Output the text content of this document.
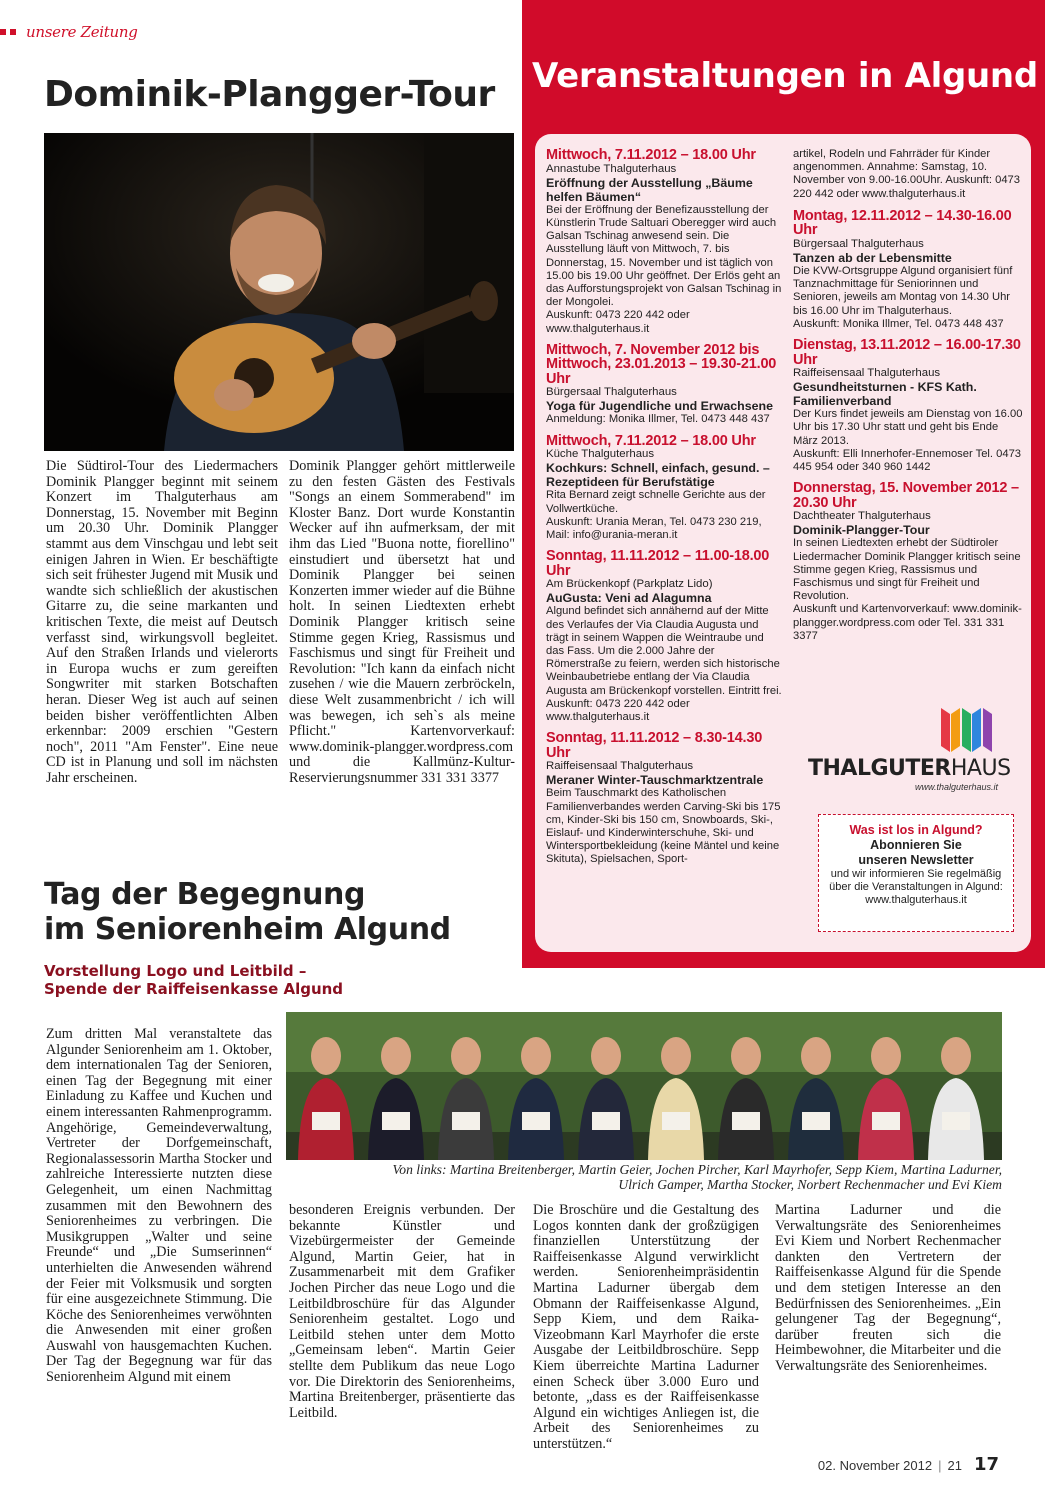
unsere Zeitung
Dominik-Plangger-Tour
Die Südtirol-Tour des Liedermachers Dominik Plangger beginnt mit seinem Konzert im Thalguterhaus am Donnerstag, 15. November mit Beginn um 20.30 Uhr. Dominik Plangger stammt aus dem Vinschgau und lebt seit einigen Jahren in Wien. Er beschäftigte sich seit frühester Jugend mit Musik und wandte sich schließlich der akustischen Gitarre zu, die seine markanten und kritischen Texte, die meist auf Deutsch verfasst sind, wirkungsvoll begleitet. Auf den Straßen Irlands und vielerorts in Europa wuchs er zum gereiften Songwriter mit starken Botschaften heran. Dieser Weg ist auch auf seinen beiden bisher veröffentlichten Alben erkennbar: 2009 erschien "Gestern noch", 2011 "Am Fenster". Eine neue CD ist in Planung und soll im nächsten Jahr erscheinen.
Dominik Plangger gehört mittlerweile zu den festen Gästen des Festivals "Songs an einem Sommerabend" im Kloster Banz. Dort wurde Konstantin Wecker auf ihn aufmerksam, der mit ihm das Lied "Buona notte, fiorellino" einstudiert und übersetzt hat und Dominik Plangger bei seinen Konzerten immer wieder auf die Bühne holt. In seinen Liedtexten erhebt Dominik Plangger kritisch seine Stimme gegen Krieg, Rassismus und Faschismus und singt für Freiheit und Revolution: "Ich kann da einfach nicht zusehen / wie die Mauern zerbröckeln, diese Welt zusammenbricht / ich will was bewegen, ich seh`s als meine Pflicht." Kartenvorverkauf: www.dominik-plangger.wordpress.com und die Kallmünz-Kultur-Reservierungsnummer 331 331 3377
Veranstaltungen in Algund
Mittwoch, 7.11.2012 – 18.00 Uhr
Annastube Thalguterhaus
Eröffnung der Ausstellung „Bäume helfen Bäumen“
Bei der Eröffnung der Benefizausstellung der Künstlerin Trude Saltuari Oberegger wird auch Galsan Tschinag anwesend sein. Die Ausstellung läuft von Mittwoch, 7. bis Donnerstag, 15. November und ist täglich von 15.00 bis 19.00 Uhr geöffnet. Der Erlös geht an das Aufforstungsprojekt von Galsan Tschinag in der Mongolei.
Auskunft: 0473 220 442 oder www.thalguterhaus.it
Mittwoch, 7. November 2012 bis Mittwoch, 23.01.2013 – 19.30-21.00 Uhr
Bürgersaal Thalguterhaus
Yoga für Jugendliche und Erwachsene
Anmeldung: Monika Illmer, Tel. 0473 448 437
Mittwoch, 7.11.2012 – 18.00 Uhr
Küche Thalguterhaus
Kochkurs: Schnell, einfach, gesund. – Rezeptideen für Berufstätige
Rita Bernard zeigt schnelle Gerichte aus der Vollwertküche.
Auskunft: Urania Meran, Tel. 0473 230 219, Mail: info@urania-meran.it
Sonntag, 11.11.2012 – 11.00-18.00 Uhr
Am Brückenkopf (Parkplatz Lido)
AuGusta: Veni ad Alagumna
Algund befindet sich annähernd auf der Mitte des Verlaufes der Via Claudia Augusta und trägt in seinem Wappen die Weintraube und das Fass. Um die 2.000 Jahre der Römerstraße zu feiern, werden sich historische Weinbaubetriebe entlang der Via Claudia Augusta am Brückenkopf vorstellen. Eintritt frei.
Auskunft: 0473 220 442 oder www.thalguterhaus.it
Sonntag, 11.11.2012 – 8.30-14.30 Uhr
Raiffeisensaal Thalguterhaus
Meraner Winter-Tauschmarktzentrale
Beim Tauschmarkt des Katholischen Familienverbandes werden Carving-Ski bis 175 cm, Kinder-Ski bis 150 cm, Snowboards, Ski-, Eislauf- und Kinderwinterschuhe, Ski- und Wintersportbekleidung (keine Mäntel und keine Skituta), Spielsachen, Sport-
artikel, Rodeln und Fahrräder für Kinder angenommen. Annahme: Samstag, 10. November von 9.00-16.00Uhr. Auskunft: 0473 220 442 oder www.thalguterhaus.it
Montag, 12.11.2012 – 14.30-16.00 Uhr
Bürgersaal Thalguterhaus
Tanzen ab der Lebensmitte
Die KVW-Ortsgruppe Algund organisiert fünf Tanznachmittage für Seniorinnen und Senioren, jeweils am Montag von 14.30 Uhr bis 16.00 Uhr im Thalguterhaus.
Auskunft: Monika Illmer, Tel. 0473 448 437
Dienstag, 13.11.2012 – 16.00-17.30 Uhr
Raiffeisensaal Thalguterhaus
Gesundheitsturnen - KFS Kath. Familienverband
Der Kurs findet jeweils am Dienstag von 16.00 Uhr bis 17.30 Uhr statt und geht bis Ende März 2013.
Auskunft: Elli Innerhofer-Ennemoser Tel. 0473 445 954 oder 340 960 1442
Donnerstag, 15. November 2012 – 20.30 Uhr
Dachtheater Thalguterhaus
Dominik-Plangger-Tour
In seinen Liedtexten erhebt der Südtiroler Liedermacher Dominik Plangger kritisch seine Stimme gegen Krieg, Rassismus und Faschismus und singt für Freiheit und Revolution.
Auskunft und Kartenvorverkauf: www.dominik-plangger.wordpress.com oder Tel. 331 331 3377
THALGUTERHAUS
www.thalguterhaus.it
Was ist los in Algund?
Abonnieren Sie
unseren Newsletter
und wir informieren Sie regelmäßig über die Veranstaltungen in Algund:
www.thalguterhaus.it
Tag der Begegnung
im Seniorenheim Algund
Vorstellung Logo und Leitbild –
Spende der Raiffeisenkasse Algund
Von links: Martina Breitenberger, Martin Geier, Jochen Pircher, Karl Mayrhofer, Sepp Kiem, Martina Ladurner,
Ulrich Gamper, Martha Stocker, Norbert Rechenmacher und Evi Kiem
Zum dritten Mal veranstaltete das Algunder Seniorenheim am 1. Oktober, dem internationalen Tag der Senioren, einen Tag der Begegnung mit einer Einladung zu Kaffee und Kuchen und einem interessanten Rahmenprogramm. Angehörige, Gemeindeverwaltung, Vertreter der Dorfgemeinschaft, Regionalassessorin Martha Stocker und zahlreiche Interessierte nutzten diese Gelegenheit, um einen Nachmittag zusammen mit den Bewohnern des Seniorenheimes zu verbringen. Die Musikgruppen „Walter und seine Freunde“ und „Die Sumserinnen“ unterhielten die Anwesenden während der Feier mit Volksmusik und sorgten für eine ausgezeichnete Stimmung. Die Köche des Seniorenheimes verwöhnten die Anwesenden mit einer großen Auswahl von hausgemachten Kuchen. Der Tag der Begegnung war für das Seniorenheim Algund mit einem
besonderen Ereignis verbunden. Der bekannte Künstler und Vizebürgermeister der Gemeinde Algund, Martin Geier, hat in Zusammenarbeit mit dem Grafiker Jochen Pircher das neue Logo und die Leitbildbroschüre für das Algunder Seniorenheim gestaltet. Logo und Leitbild stehen unter dem Motto „Gemeinsam leben“. Martin Geier stellte dem Publikum das neue Logo vor. Die Direktorin des Seniorenheims, Martina Breitenberger, präsentierte das Leitbild.
Die Broschüre und die Gestaltung des Logos konnten dank der großzügigen finanziellen Unterstützung der Raiffeisenkasse Algund verwirklicht werden. Seniorenheimpräsidentin Martina Ladurner übergab dem Obmann der Raiffeisenkasse Algund, Sepp Kiem, und dem Raika-Vizeobmann Karl Mayrhofer die erste Ausgabe der Leitbildbroschüre. Sepp Kiem überreichte Martina Ladurner einen Scheck über 3.000 Euro und betonte, „dass es der Raiffeisenkasse Algund ein wichtiges Anliegen ist, die Arbeit des Seniorenheimes zu unterstützen.“
Martina Ladurner und die Verwaltungsräte des Seniorenheimes Evi Kiem und Norbert Rechenmacher dankten den Vertretern der Raiffeisenkasse Algund für die Spende und dem stetigen Interesse an den Bedürfnissen des Seniorenheimes. „Ein gelungener Tag der Begegnung“, darüber freuten sich die Heimbewohner, die Mitarbeiter und die Verwaltungsräte des Seniorenheimes.
02. November 2012 | 21 17
